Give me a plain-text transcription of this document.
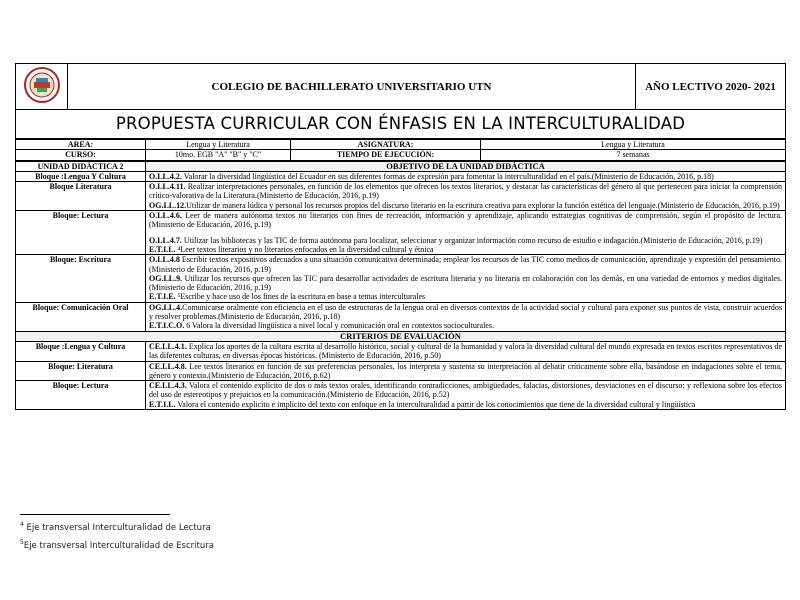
	COLEGIO DE BACHILLERATO UNIVERSITARIO UTN	AÑO LECTIVO 2020- 2021
PROPUESTA CURRICULAR CON ÉNFASIS EN LA INTERCULTURALIDAD
AREA:	Lengua y Literatura	ASIGNATURA:	Lengua y Literatura
CURSO:	10mo. EGB "A" "B" y "C"	TIEMPO DE EJECUCIÓN:	7 semanas
UNIDAD DIDÁCTICA 2	OBJETIVO DE LA UNIDAD DIDÁCTICA
Bloque :Lengua Y Cultura	O.LL.4.2. Valorar la diversidad lingüística del Ecuador en sus diferentes formas de expresión para fomentar la interculturalidad en el país.(Ministerio de Educación, 2016, p.18)

Bloque Literatura	O.LL.4.11. Realizar interpretaciones personales, en función de los elementos que ofrecen los textos literarios, y destacar las características del género al que pertenecen para iniciar la comprensión crítico-valorativa de la Literatura.(Ministerio de Educación, 2016, p.19)

OG.LL.12.Utilizar de manera lúdica y personal los recursos propios del discurso literario en la escritura creativa para explorar la función estética del lenguaje.(Ministerio de Educación, 2016, p.19)

Bloque: Lectura	O.LL.4.6. Leer de manera autónoma textos no literarios con fines de recreación, información y aprendizaje, aplicando estrategias cognitivas de comprensión, según el propósito de lectura.(Ministerio de Educación, 2016, p.19)

O.LL.4.7. Utilizar las bibliotecas y las TIC de forma autónoma para localizar, seleccionar y organizar información como recurso de estudio e indagación.(Ministerio de Educación, 2016, p.19)

E.T.I.L. ⁴Leer textos literarios y no literarios enfocados en la diversidad cultural y étnica

Bloque: Escritura	O.LL.4.8 Escribir textos expositivos adecuados a una situación comunicativa determinada; emplear los recursos de las TIC como medios de comunicación, aprendizaje y expresión del pensamiento.(Ministerio de Educación, 2016, p.19)

OG.LL.9. Utilizar los recursos que ofrecen las TIC para desarrollar actividades de escritura literaria y no literaria en colaboración con los demás, en una variedad de entornos y medios digitales.(Ministerio de Educación, 2016, p.19)

E.T.I.E. ⁵Escribe y hace uso de los fines de la escritura en base a temas interculturales

Bloque: Comunicación Oral	OG.LL.4.Comunicarse oralmente con eficiencia en el uso de estructuras de la lengua oral en diversos contextos de la actividad social y cultural para exponer sus puntos de vista, construir acuerdos y resolver problemas.(Ministerio de Educación, 2016, p.18)

E.T.I.C.O. 6 Valora la diversidad lingüística a nivel local y comunicación oral en contextos socioculturales.

CRITERIOS DE EVALUACIÓN	
Bloque :Lengua y Cultura	CE.LL.4.1. Explica los aportes de la cultura escrita al desarrollo histórico, social y cultural de la humanidad y valora la diversidad cultural del mundo expresada en textos escritos representativos de las diferentes culturas, en diversas épocas históricas. (Ministerio de Educación, 2016, p.50)

Bloque: Literatura	CE.LL.4.8. Lee textos literarios en función de sus preferencias personales, los interpreta y sustenta su interpretación al debatir críticamente sobre ella, basándose en indagaciones sobre el tema, género y contexto.(Ministerio de Educación, 2016, p.62)

Bloque: Lectura	CE.LL.4.3. Valora el contenido explícito de dos o más textos orales, identificando contradicciones, ambigüedades, falacias, distorsiones, desviaciones en el discurso; y reflexiona sobre los efectos del uso de estereotipos y prejuicios en la comunicación.(Ministerio de Educación, 2016, p.52)

E.T.I.L. Valora el contenido explicito e implícito del texto con enfoque en la interculturalidad a partir de los conocimientos que tiene de la diversidad cultural y lingüística

$^4$ Eje transversal Interculturalidad de Lectura
$^5$Eje transversal Interculturalidad de Escritura
